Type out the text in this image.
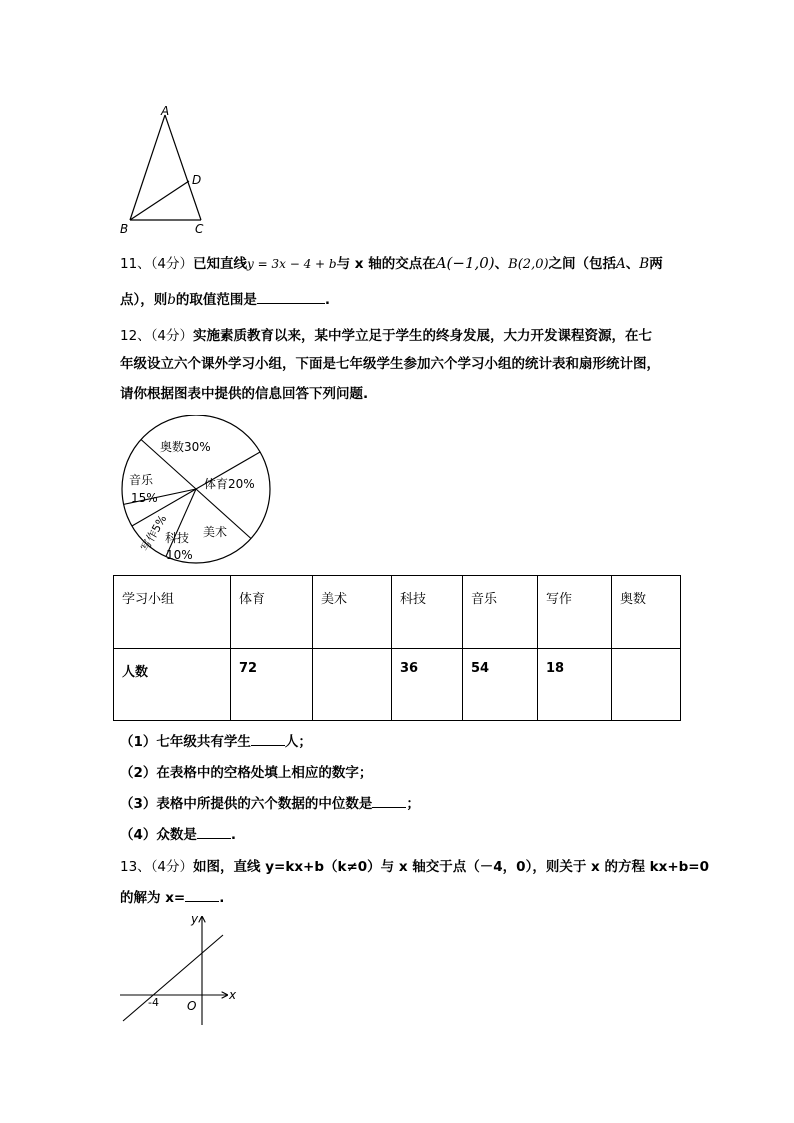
A
D
B	C
11、（4分）已知直线y = 3x − 4 + b与 x 轴的交点在A(−1,0)、B(2,0)之间（包括A、B两
点），则b的取值范围是	.
12、（4分）实施素质教育以来，某中学立足于学生的终身发展，大力开发课程资源，在七
年级设立六个课外学习小组，下面是七年级学生参加六个学习小组的统计表和扇形统计图，
请你根据图表中提供的信息回答下列问题.
奥数30%
音乐
15%
体育20%
美术
写作5%
科技
10%
学习小组	体育	美术	科技	音乐	写作	奥数
人数	72		36	54	18	
（1）七年级共有学生	人；
（2）在表格中的空格处填上相应的数字；
（3）表格中所提供的六个数据的中位数是	；
（4）众数是	.
13、（4分）如图，直线 y=kx+b（k≠0）与 x 轴交于点（－4，0），则关于 x 的方程 kx+b=0
的解为 x=	.
y
x
O
-4
